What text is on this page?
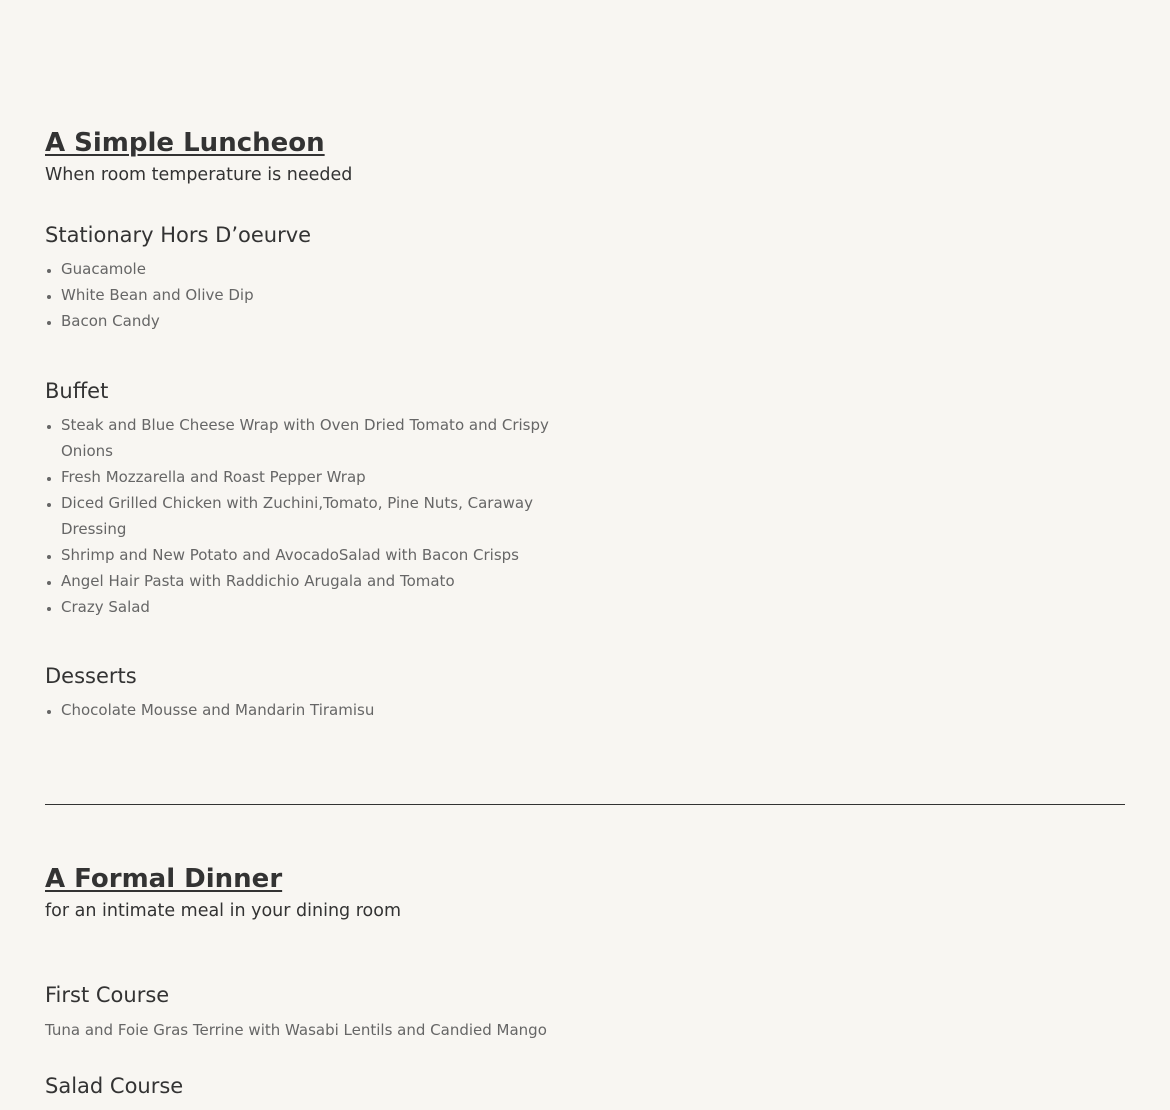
A Simple Luncheon

When room temperature is needed

Stationary Hors D’oeurve
• Guacamole
• White Bean and Olive Dip
• Bacon Candy
Buffet
• Steak and Blue Cheese Wrap with Oven Dried Tomato and Crispy Onions
• Fresh Mozzarella and Roast Pepper Wrap
• Diced Grilled Chicken with Zuchini,Tomato, Pine Nuts, Caraway Dressing
• Shrimp and New Potato and AvocadoSalad with Bacon Crisps
• Angel Hair Pasta with Raddichio Arugala and Tomato
• Crazy Salad
Desserts
• Chocolate Mousse and Mandarin Tiramisu
A Formal Dinner

for an intimate meal in your dining room

First Course

Tuna and Foie Gras Terrine with Wasabi Lentils and Candied Mango

Salad Course
